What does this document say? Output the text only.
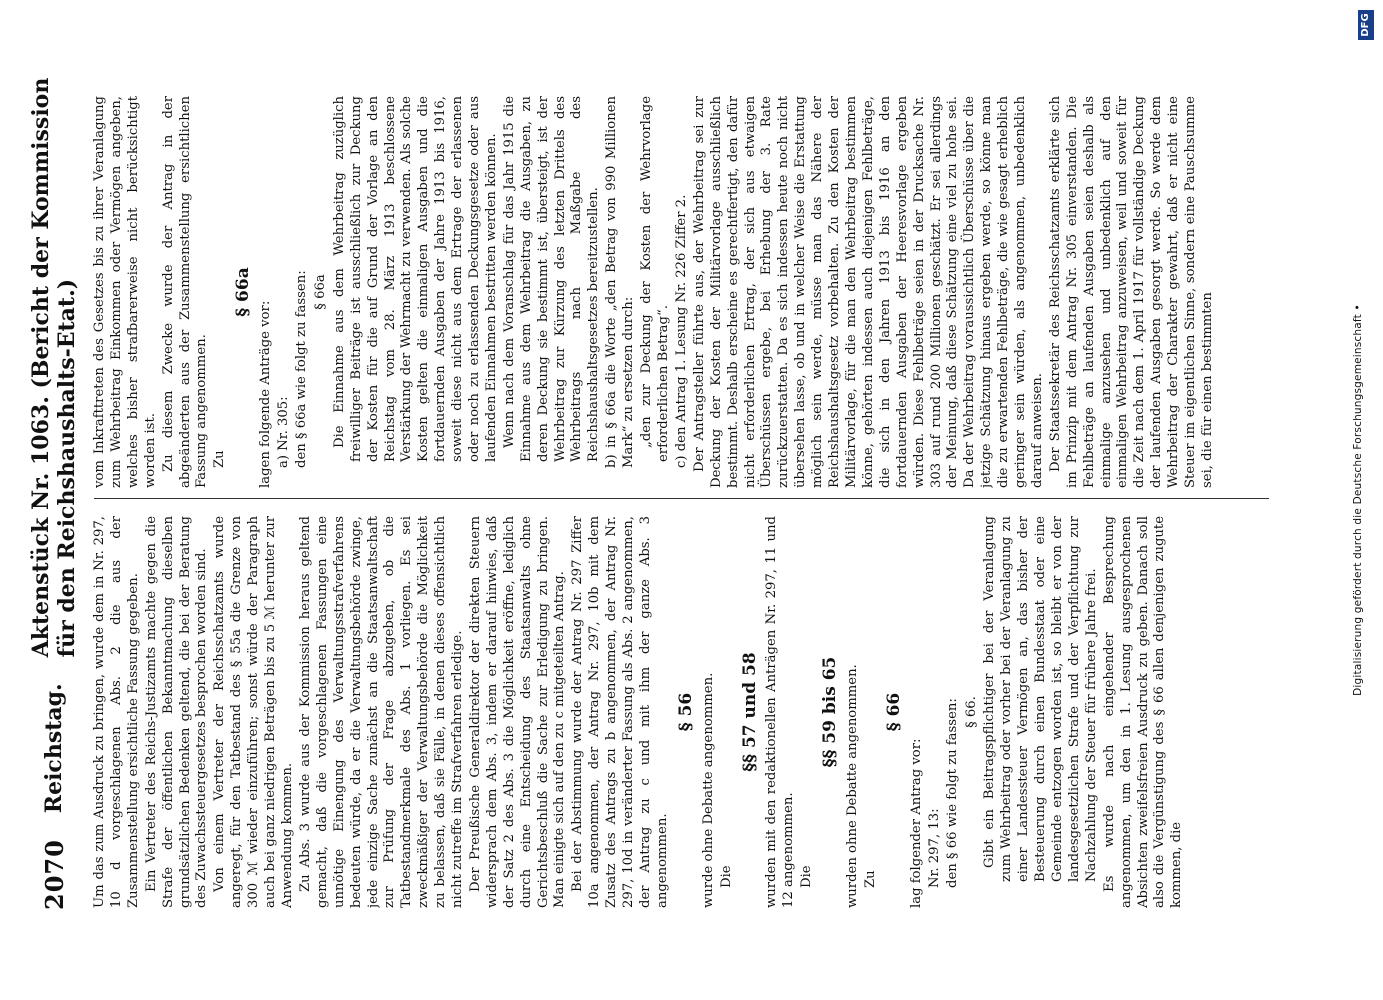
2070
Reichstag.
Aktenstück Nr. 1063. (Bericht der Kommission für den Reichshaushalts-Etat.)

Um das zum Ausdruck zu bringen, wurde dem in Nr. 297, 10 d vorgeschlagenen Abs. 2 die aus der Zusammenstellung ersichtliche Fassung gegeben. Ein Vertreter des Reichs-Justizamts machte gegen die Strafe der öffentlichen Bekanntmachung dieselben grundsätzlichen Bedenken geltend, die bei der Beratung des Zuwachssteuergesetzes besprochen worden sind. Von einem Vertreter der Reichsschatzamts wurde angeregt, für den Tatbestand des § 55a die Grenze von 300 ℳ wieder einzuführen; sonst würde der Paragraph auch bei ganz niedrigen Beträgen bis zu 5 ℳ herunter zur Anwendung kommen. Zu Abs. 3 wurde aus der Kommission heraus geltend gemacht, daß die vorgeschlagenen Fassungen eine unnötige Einengung des Verwaltungsstrafverfahrens bedeuten würde, da er die Verwaltungsbehörde zwinge, jede einzige Sache zunächst an die Staatsanwaltschaft zur Prüfung der Frage abzugeben, ob die Tatbestandmerkmale des Abs. 1 vorliegen. Es sei zweckmäßiger der Verwaltungsbehörde die Möglichkeit zu belassen, daß sie Fälle, in denen dieses offensichtlich nicht zutreffe im Strafverfahren erledige. Der Preußische Generaldirektor der direkten Steuern widersprach dem Abs. 3, indem er darauf hinwies, daß der Satz 2 des Abs. 3 die Möglichkeit eröffne, lediglich durch eine Entscheidung des Staatsanwalts ohne Gerichtsbeschluß die Sache zur Erledigung zu bringen. Man einigte sich auf den zu c mitgeteilten Antrag. Bei der Abstimmung wurde der Antrag Nr. 297 Ziffer 10a angenommen, der Antrag Nr. 297, 10b mit dem Zusatz des Antrags zu b angenommen, der Antrag Nr. 297, 10d in veränderter Fassung als Abs. 2 angenommen, der Antrag zu c und mit ihm der ganze Abs. 3 angenommen.

§ 56 wurde ohne Debatte angenommen. Die

§§ 57 und 58 wurden mit den redaktionellen Anträgen Nr. 297, 11 und 12 angenommen. Die

§§ 59 bis 65 wurden ohne Debatte angenommen. Zu

§ 66

lag folgender Antrag vor: Nr. 297, 13: den § 66 wie folgt zu fassen: § 66. Gibt ein Beitragspflichtiger bei der Veranlagung zum Wehrbeitrag oder vorher bei der Veranlagung zu einer Landessteuer Vermögen an, das bisher der Besteuerung durch einen Bundesstaat oder eine Gemeinde entzogen worden ist, so bleibt er von der landesgesetzlichen Strafe und der Verpflichtung zur Nachzahlung der Steuer für frühere Jahre frei. Es wurde nach eingehender Besprechung angenommen, um den in 1. Lesung ausgesprochenen Absichten zweifelsfreien Ausdruck zu geben. Danach soll also die Vergünstigung des § 66 allen denjenigen zugute kommen, die

vom Inkrafttreten des Gesetzes bis zu ihrer Veranlagung zum Wehrbeitrag Einkommen oder Vermögen angeben, welches bisher strafbarerweise nicht berücksichtigt worden ist. Zu diesem Zwecke wurde der Antrag in der abgeänderten aus der Zusammenstellung ersichtlichen Fassung angenommen. Zu

§ 66a

lagen folgende Anträge vor: a) Nr. 305: den § 66a wie folgt zu fassen: § 66a Die Einnahme aus dem Wehrbeitrag zuzüglich freiwilliger Beiträge ist ausschließlich zur Deckung der Kosten für die auf Grund der Vorlage an den Reichstag vom 28. März 1913 beschlossene Verstärkung der Wehrmacht zu verwenden. Als solche Kosten gelten die einmaligen Ausgaben und die fortdauernden Ausgaben der Jahre 1913 bis 1916, soweit diese nicht aus dem Ertrage der erlassenen oder noch zu erlassenden Deckungsgesetze oder aus laufenden Einnahmen bestritten werden können. Wenn nach dem Voranschlag für das Jahr 1915 die Einnahme aus dem Wehrbeitrag die Ausgaben, zu deren Deckung sie bestimmt ist, übersteigt, ist der Wehrbeitrag zur Kürzung des letzten Drittels des Wehrbeitrags nach Maßgabe des Reichshaushaltsgesetzes bereitzustellen. b) in § 66a die Worte „den Betrag von 990 Millionen Mark“ zu ersetzen durch: „den zur Deckung der Kosten der Wehrvorlage erforderlichen Betrag“. c) den Antrag 1. Lesung Nr. 226 Ziffer 2. Der Antragsteller führte aus, der Wehrbeitrag sei zur Deckung der Kosten der Militärvorlage ausschließlich bestimmt. Deshalb erscheine es gerechtfertigt, den dafür nicht erforderlichen Ertrag, der sich aus etwaigen Überschüssen ergebe, bei Erhebung der 3. Rate zurückzuerstatten. Da es sich indessen heute noch nicht übersehen lasse, ob und in welcher Weise die Erstattung möglich sein werde, müsse man das Nähere der Reichshaushaltsgesetz vorbehalten. Zu den Kosten der Militärvorlage, für die man den Wehrbeitrag bestimmen könne, gehörten indessen auch diejenigen Fehlbeträge, die sich in den Jahren 1913 bis 1916 an den fortdauernden Ausgaben der Heeresvorlage ergeben würden. Diese Fehlbeträge seien in der Drucksache Nr. 303 auf rund 200 Millionen geschätzt. Er sei allerdings der Meinung, daß diese Schätzung eine viel zu hohe sei. Da der Wehrbeitrag voraussichtlich Überschüsse über die jetzige Schätzung hinaus ergeben werde, so könne man die zu erwartenden Fehlbeträge, die wie gesagt erheblich geringer sein würden, als angenommen, unbedenklich darauf anweisen. Der Staatssekretär des Reichsschatzamts erklärte sich im Prinzip mit dem Antrag Nr. 305 einverstanden. Die Fehlbeträge an laufenden Ausgaben seien deshalb als einmalige anzusehen und unbedenklich auf den einmaligen Wehrbeitrag anzuweisen, weil und soweit für die Zeit nach dem 1. April 1917 für vollständige Deckung der laufenden Ausgaben gesorgt werde. So werde dem Wehrbeitrag der Charakter gewahrt, daß er nicht eine Steuer im eigentlichen Sinne, sondern eine Pauschsumme sei, die für einen bestimmten	Digitalisierung gefördert durch die Deutsche Forschungsgemeinschaft •
DFG
